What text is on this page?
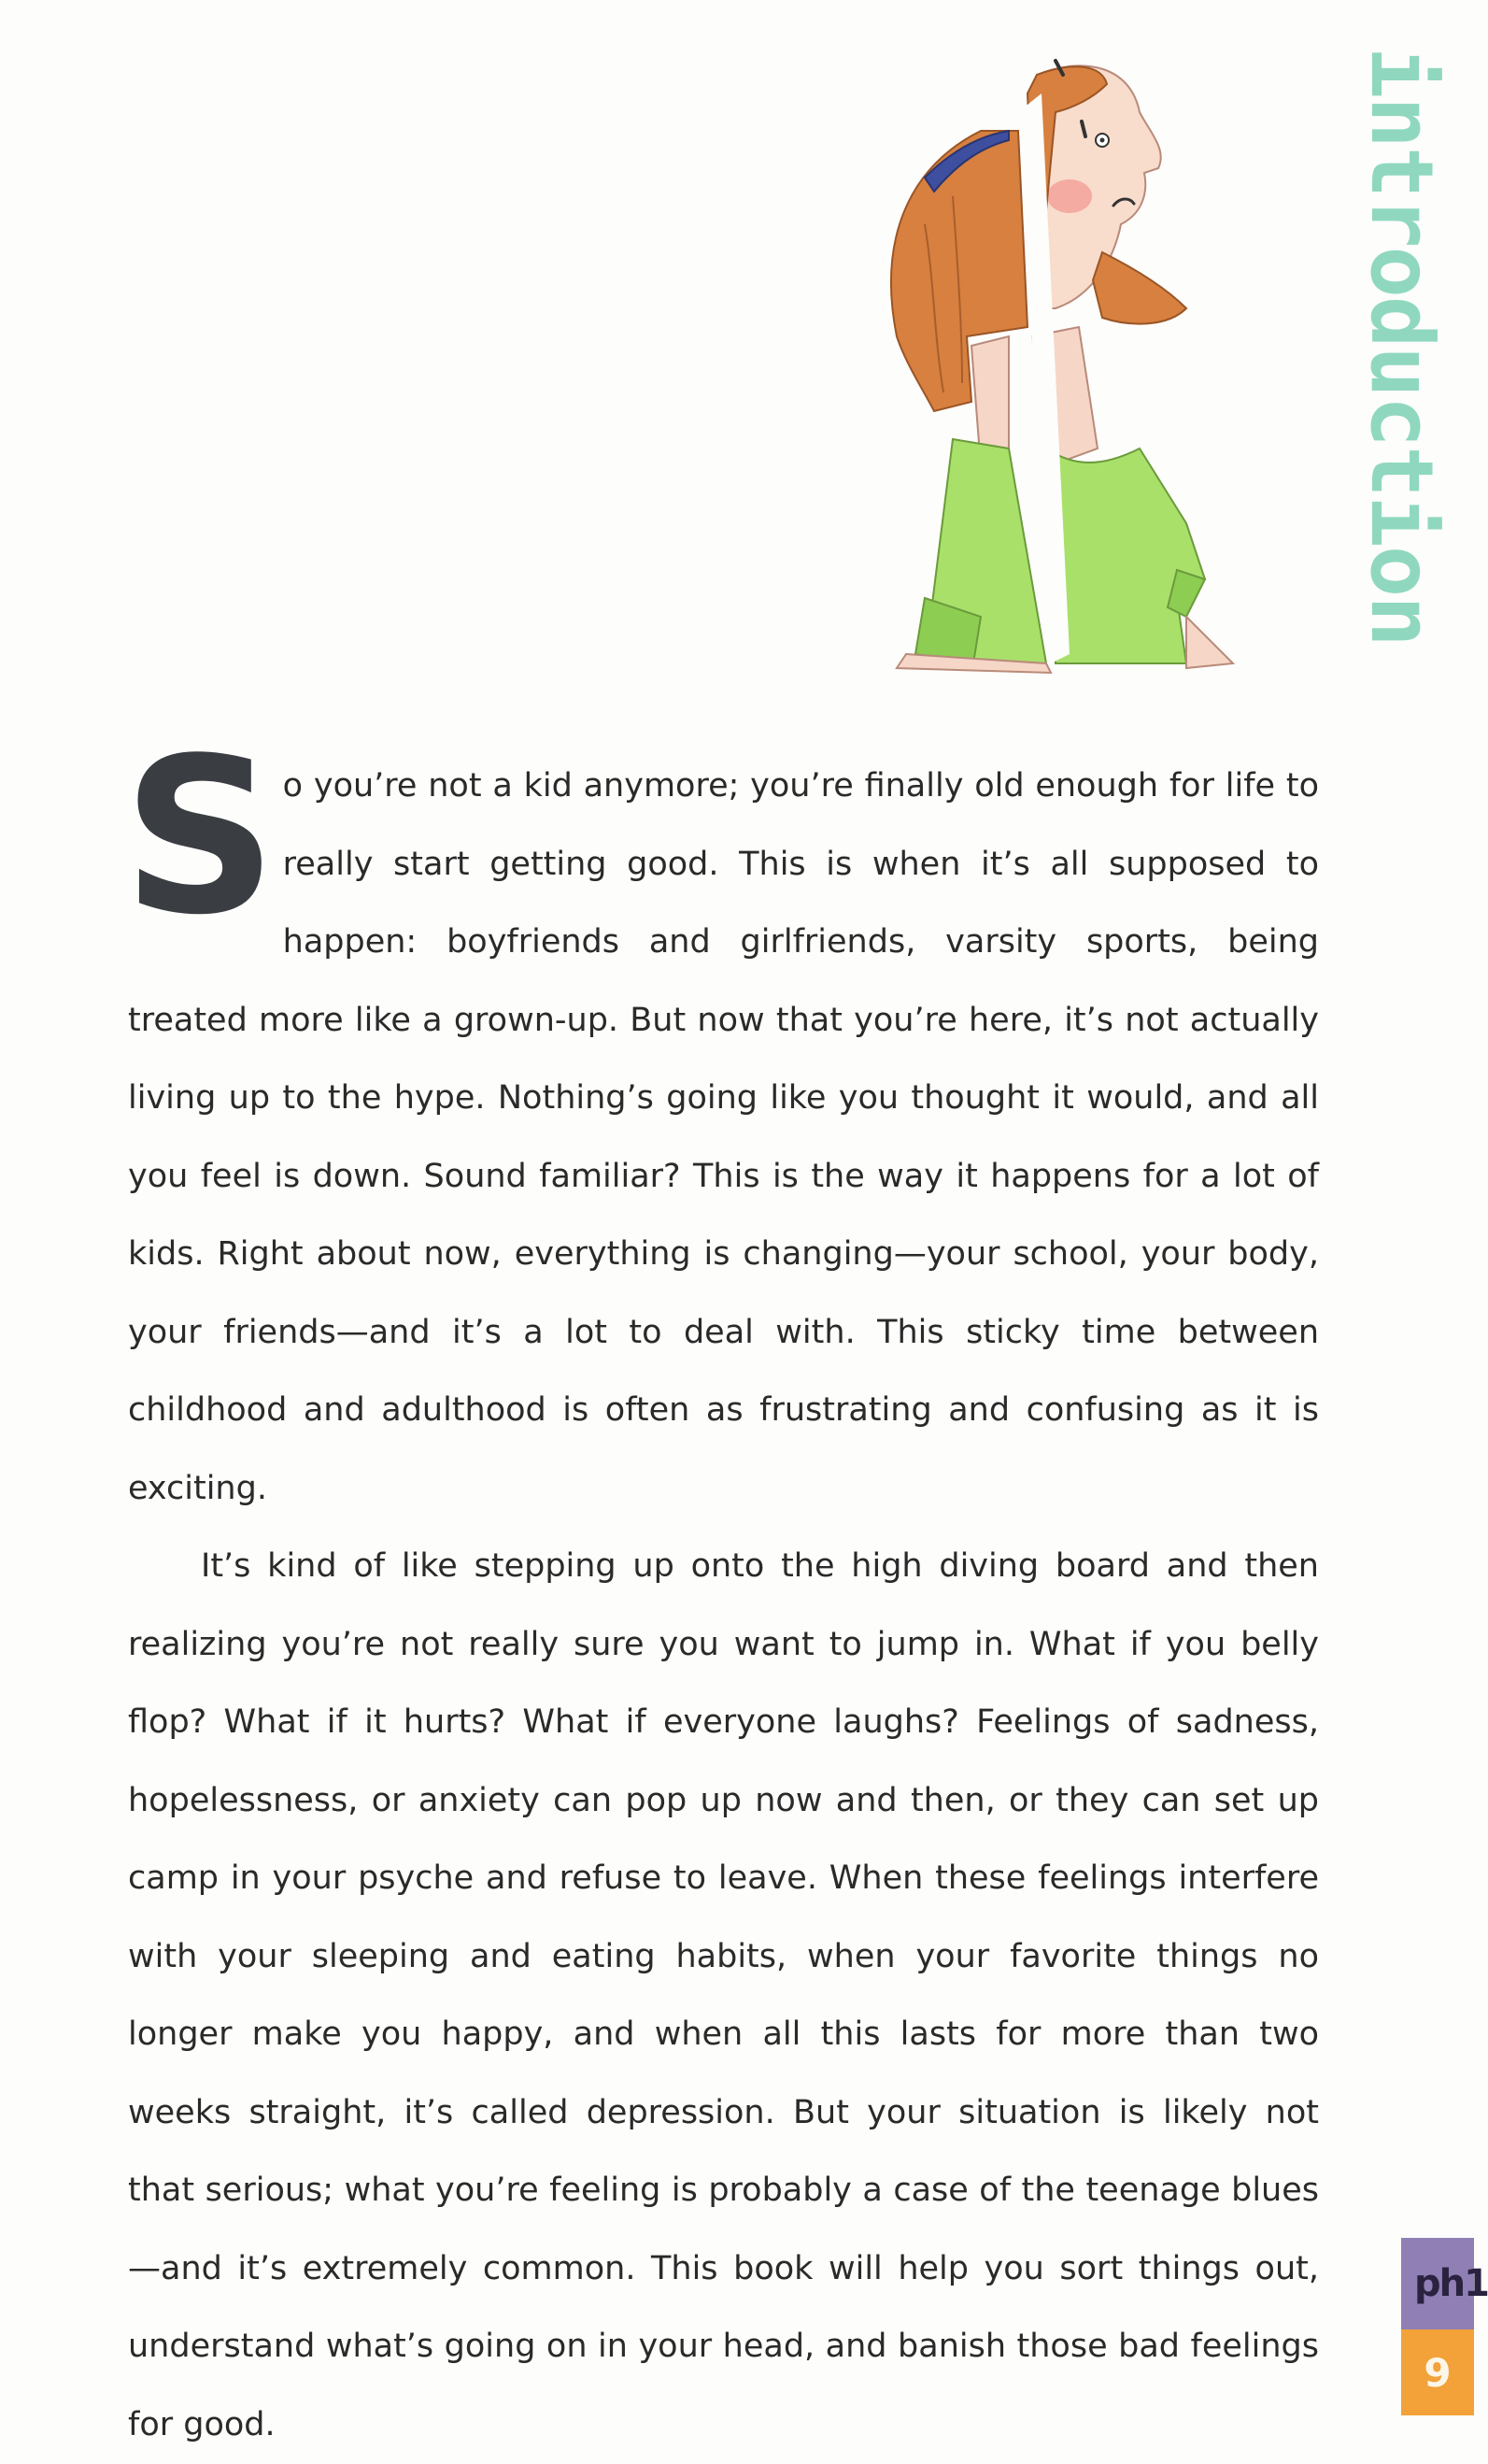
introduction

S o you’re not a kid anymore; you’re finally old enough for life to really start getting good. This is when it’s all supposed to happen: boyfriends and girlfriends, varsity sports, being treated more like a grown-up. But now that you’re here, it’s not actually living up to the hype. Nothing’s going like you thought it would, and all you feel is down. Sound familiar? This is the way it happens for a lot of kids. Right about now, everything is changing—your school, your body, your friends—and it’s a lot to deal with. This sticky time between childhood and adulthood is often as frustrating and confusing as it is exciting.

It’s kind of like stepping up onto the high diving board and then realizing you’re not really sure you want to jump in. What if you belly flop? What if it hurts? What if everyone laughs? Feelings of sadness, hopelessness, or anxiety can pop up now and then, or they can set up camp in your psyche and refuse to leave. When these feelings interfere with your sleeping and eating habits, when your favorite things no longer make you happy, and when all this lasts for more than two weeks straight, it’s called depression. But your situation is likely not that serious; what you’re feeling is probably a case of the teenage blues—and it’s extremely common. This book will help you sort things out, understand what’s going on in your head, and banish those bad feelings for good.

ph1
9
